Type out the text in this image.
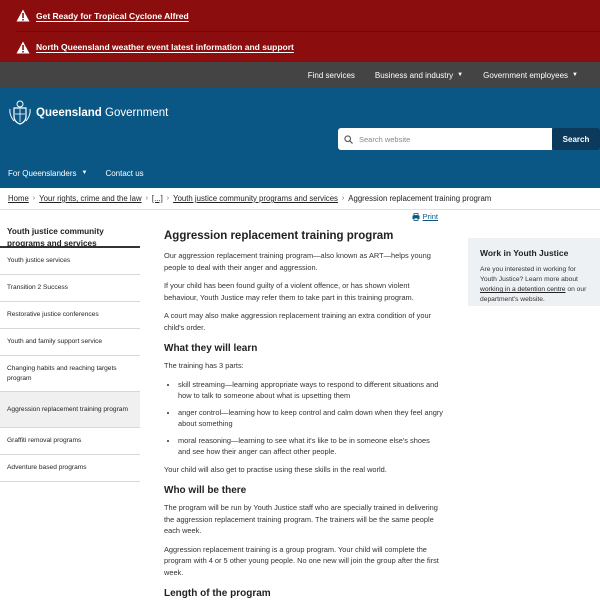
Get Ready for Tropical Cyclone Alfred
North Queensland weather event latest information and support
Find services	Business and industry ▼	Government employees ▼
Queensland Government
Search website	Search
For Queenslanders ▼ Contact us
Home › Your rights, crime and the law › [...] › Youth justice community programs and services › Aggression replacement training program
Youth justice community programs and services
Youth justice services
Transition 2 Success
Restorative justice conferences
Youth and family support service
Changing habits and reaching targets program
Aggression replacement training program
Graffiti removal programs
Adventure based programs
Print
Aggression replacement training program

Our aggression replacement training program—also known as ART—helps young people to deal with their anger and aggression.

If your child has been found guilty of a violent offence, or has shown violent behaviour, Youth Justice may refer them to take part in this training program.

A court may also make aggression replacement training an extra condition of your child's order.

What they will learn

The training has 3 parts:

• skill streaming—learning appropriate ways to respond to different situations and how to talk to someone about what is upsetting them
• anger control—learning how to keep control and calm down when they feel angry about something
• moral reasoning—learning to see what it's like to be in someone else's shoes and see how their anger can affect other people.

Your child will also get to practise using these skills in the real world.

Who will be there

The program will be run by Youth Justice staff who are specially trained in delivering the aggression replacement training program. The trainers will be the same people each week.

Aggression replacement training is a group program. Your child will complete the program with 4 or 5 other young people. No one new will join the group after the first week.

Length of the program
Work in Youth Justice

Are you interested in working for Youth Justice? Learn more about working in a detention centre on our department's website.
